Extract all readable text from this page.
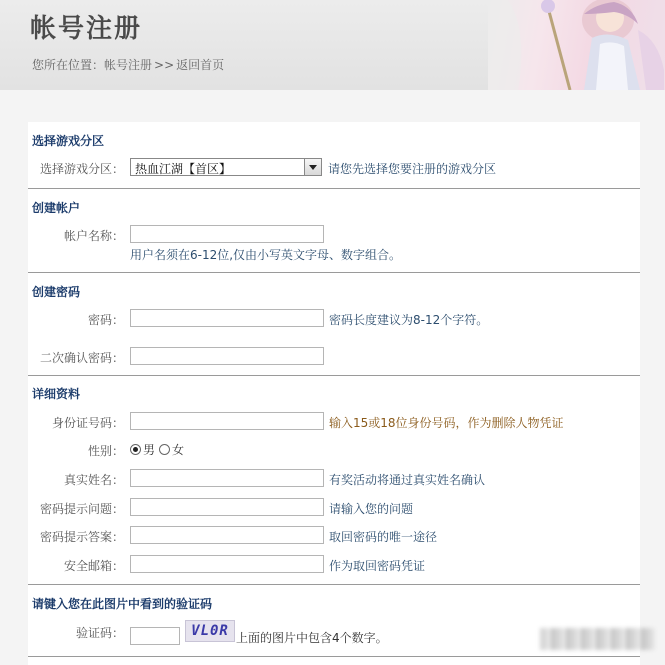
帐号注册
您所在位置：帐号注册 >> 返回首页
选择游戏分区
选择游戏分区： 热血江湖【首区】	请您先选择您要注册的游戏分区
创建帐户
帐户名称：
用户名须在6-12位,仅由小写英文字母、数字组合。
创建密码
密码：	密码长度建议为8-12个字符。
二次确认密码：
详细资料
身份证号码：	输入15或18位身份号码，作为删除人物凭证
性别： 男 女
真实姓名：	有奖活动将通过真实姓名确认
密码提示问题：	请输入您的问题
密码提示答案：	取回密码的唯一途径
安全邮箱：	作为取回密码凭证
请键入您在此图片中看到的验证码
验证码：	VL0R 上面的图片中包含4个数字。
